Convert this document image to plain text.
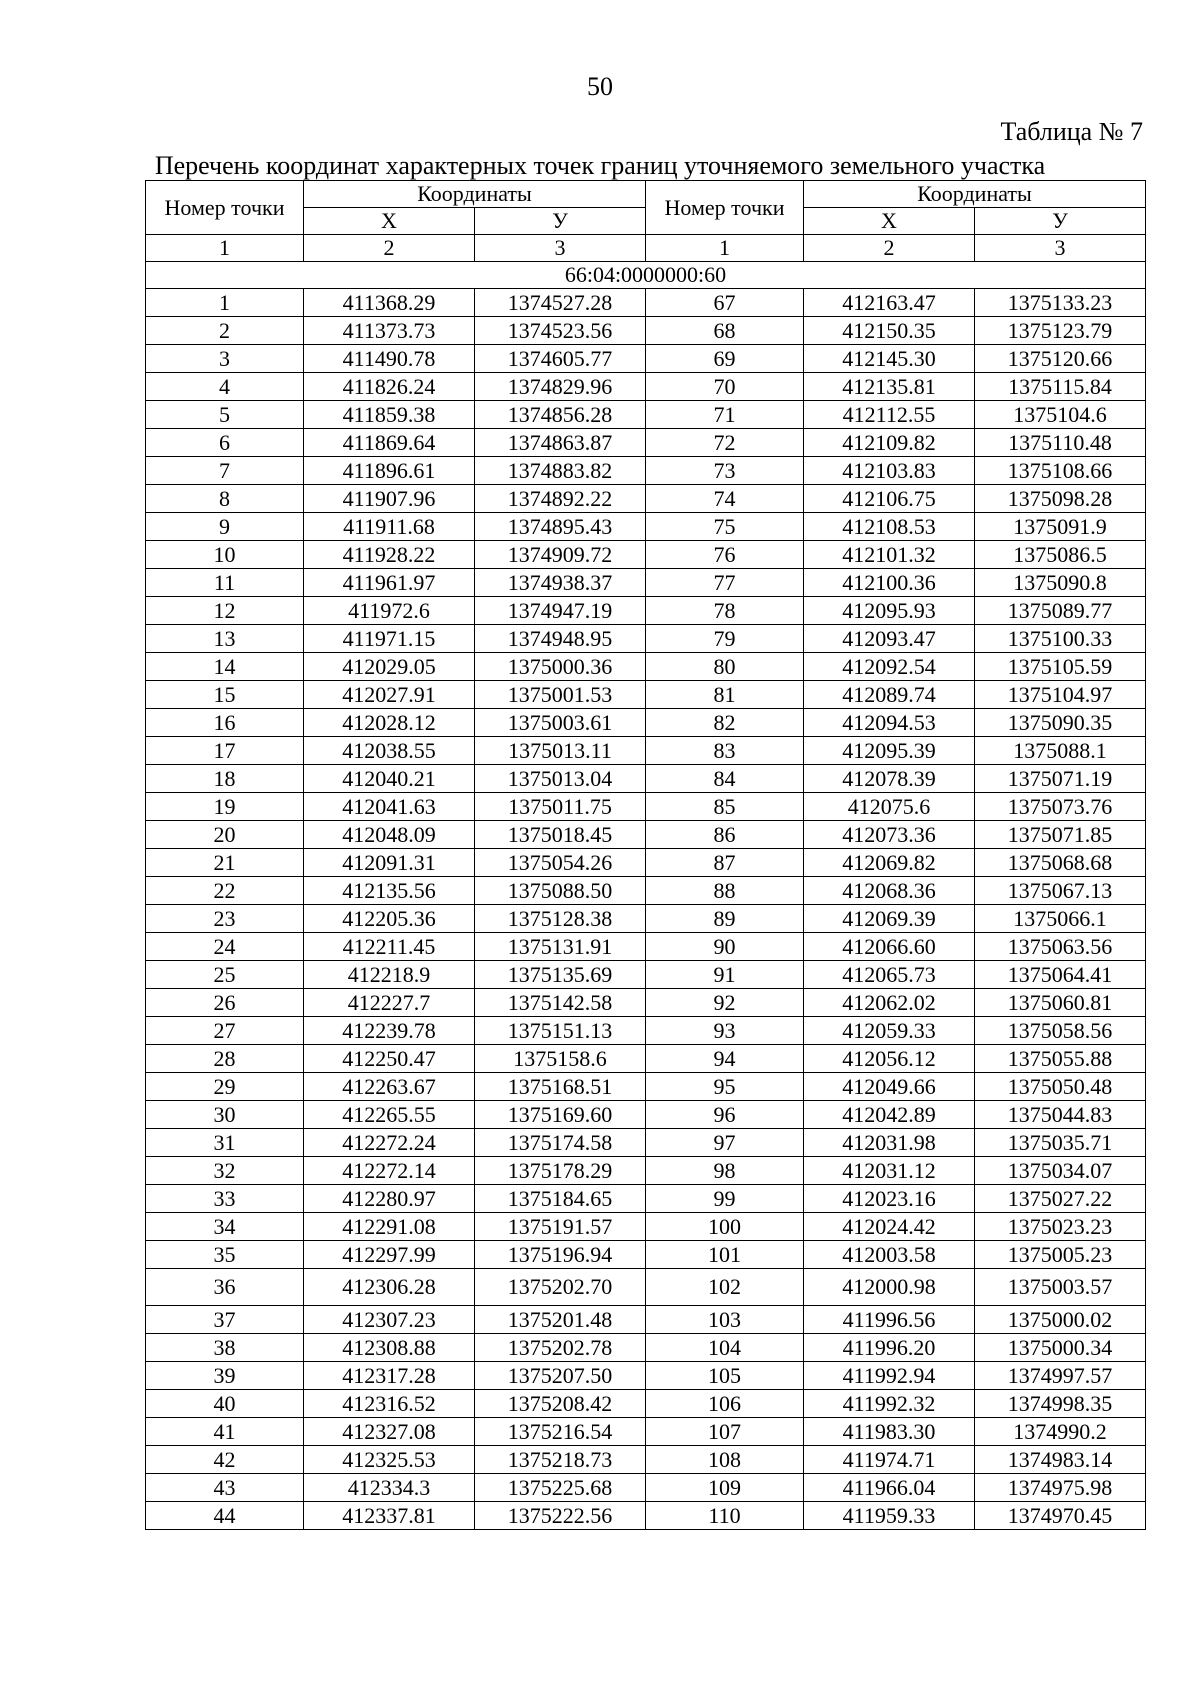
50
Таблица № 7
Перечень координат характерных точек границ уточняемого земельного участка
Номер точки	Координаты		Номер точки	Координаты	
	Х	У		Х	У
1	2	3	1	2	3
66:04:0000000:60					
1	411368.29	1374527.28	67	412163.47	1375133.23
2	411373.73	1374523.56	68	412150.35	1375123.79
3	411490.78	1374605.77	69	412145.30	1375120.66
4	411826.24	1374829.96	70	412135.81	1375115.84
5	411859.38	1374856.28	71	412112.55	1375104.6
6	411869.64	1374863.87	72	412109.82	1375110.48
7	411896.61	1374883.82	73	412103.83	1375108.66
8	411907.96	1374892.22	74	412106.75	1375098.28
9	411911.68	1374895.43	75	412108.53	1375091.9
10	411928.22	1374909.72	76	412101.32	1375086.5
11	411961.97	1374938.37	77	412100.36	1375090.8
12	411972.6	1374947.19	78	412095.93	1375089.77
13	411971.15	1374948.95	79	412093.47	1375100.33
14	412029.05	1375000.36	80	412092.54	1375105.59
15	412027.91	1375001.53	81	412089.74	1375104.97
16	412028.12	1375003.61	82	412094.53	1375090.35
17	412038.55	1375013.11	83	412095.39	1375088.1
18	412040.21	1375013.04	84	412078.39	1375071.19
19	412041.63	1375011.75	85	412075.6	1375073.76
20	412048.09	1375018.45	86	412073.36	1375071.85
21	412091.31	1375054.26	87	412069.82	1375068.68
22	412135.56	1375088.50	88	412068.36	1375067.13
23	412205.36	1375128.38	89	412069.39	1375066.1
24	412211.45	1375131.91	90	412066.60	1375063.56
25	412218.9	1375135.69	91	412065.73	1375064.41
26	412227.7	1375142.58	92	412062.02	1375060.81
27	412239.78	1375151.13	93	412059.33	1375058.56
28	412250.47	1375158.6	94	412056.12	1375055.88
29	412263.67	1375168.51	95	412049.66	1375050.48
30	412265.55	1375169.60	96	412042.89	1375044.83
31	412272.24	1375174.58	97	412031.98	1375035.71
32	412272.14	1375178.29	98	412031.12	1375034.07
33	412280.97	1375184.65	99	412023.16	1375027.22
34	412291.08	1375191.57	100	412024.42	1375023.23
35	412297.99	1375196.94	101	412003.58	1375005.23
36	412306.28	1375202.70	102	412000.98	1375003.57
37	412307.23	1375201.48	103	411996.56	1375000.02
38	412308.88	1375202.78	104	411996.20	1375000.34
39	412317.28	1375207.50	105	411992.94	1374997.57
40	412316.52	1375208.42	106	411992.32	1374998.35
41	412327.08	1375216.54	107	411983.30	1374990.2
42	412325.53	1375218.73	108	411974.71	1374983.14
43	412334.3	1375225.68	109	411966.04	1374975.98
44	412337.81	1375222.56	110	411959.33	1374970.45
